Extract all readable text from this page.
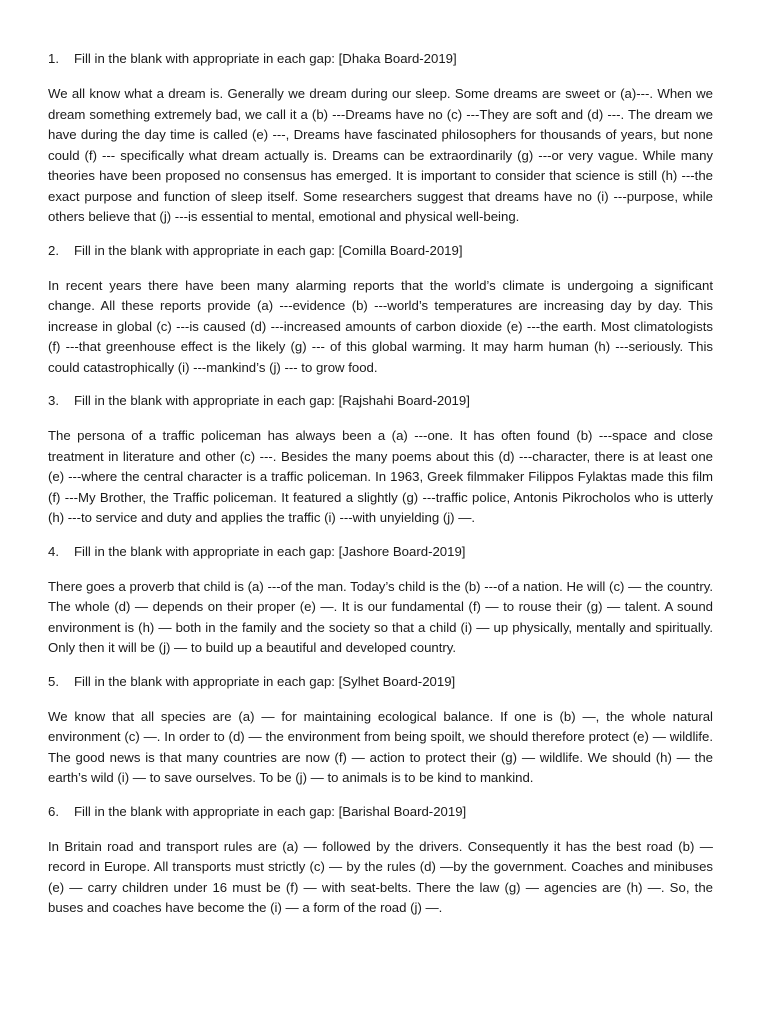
1.	Fill in the blank with appropriate in each gap: [Dhaka Board-2019]

We all know what a dream is. Generally we dream during our sleep. Some dreams are sweet or (a)---. When we dream something extremely bad, we call it a (b) ---Dreams have no (c) ---They are soft and (d) ---. The dream we have during the day time is called (e) ---, Dreams have fascinated philosophers for thousands of years, but none could (f) --- specifically what dream actually is. Dreams can be extraordinarily (g) ---or very vague. While many theories have been proposed no consensus has emerged. It is important to consider that science is still (h) ---the exact purpose and function of sleep itself. Some researchers suggest that dreams have no (i) ---purpose, while others believe that (j) ---is essential to mental, emotional and physical well-being.

2.	Fill in the blank with appropriate in each gap: [Comilla Board-2019]

In recent years there have been many alarming reports that the world’s climate is undergoing a significant change. All these reports provide (a) ---evidence (b) ---world’s temperatures are increasing day by day. This increase in global (c) ---is caused (d) ---increased amounts of carbon dioxide (e) ---the earth. Most climatologists (f) ---that greenhouse effect is the likely (g) --- of this global warming. It may harm human (h) ---seriously. This could catastrophically (i) ---mankind’s (j) --- to grow food.

3.	Fill in the blank with appropriate in each gap: [Rajshahi Board-2019]

The persona of a traffic policeman has always been a (a) ---one. It has often found (b) ---space and close treatment in literature and other (c) ---. Besides the many poems about this (d) ---character, there is at least one (e) ---where the central character is a traffic policeman. In 1963, Greek filmmaker Filippos Fylaktas made this film (f) ---My Brother, the Traffic policeman. It featured a slightly (g) ---traffic police, Antonis Pikrocholos who is utterly (h) ---to service and duty and applies the traffic (i) ---with unyielding (j) —.

4.	Fill in the blank with appropriate in each gap: [Jashore Board-2019]

There goes a proverb that child is (a) ---of the man. Today’s child is the (b) ---of a nation. He will (c) — the country. The whole (d) — depends on their proper (e) —. It is our fundamental (f) — to rouse their (g) — talent. A sound environment is (h) — both in the family and the society so that a child (i) — up physically, mentally and spiritually. Only then it will be (j) — to build up a beautiful and developed country.

5.	Fill in the blank with appropriate in each gap: [Sylhet Board-2019]

We know that all species are (a) — for maintaining ecological balance. If one is (b) —, the whole natural environment (c) —. In order to (d) — the environment from being spoilt, we should therefore protect (e) — wildlife. The good news is that many countries are now (f) — action to protect their (g) — wildlife. We should (h) — the earth’s wild (i) — to save ourselves. To be (j) — to animals is to be kind to mankind.

6.	Fill in the blank with appropriate in each gap: [Barishal Board-2019]

In Britain road and transport rules are (a) — followed by the drivers. Consequently it has the best road (b) — record in Europe. All transports must strictly (c) — by the rules (d) —by the government. Coaches and minibuses (e) — carry children under 16 must be (f) — with seat-belts. There the law (g) — agencies are (h) —. So, the buses and coaches have become the (i) — a form of the road (j) —.
